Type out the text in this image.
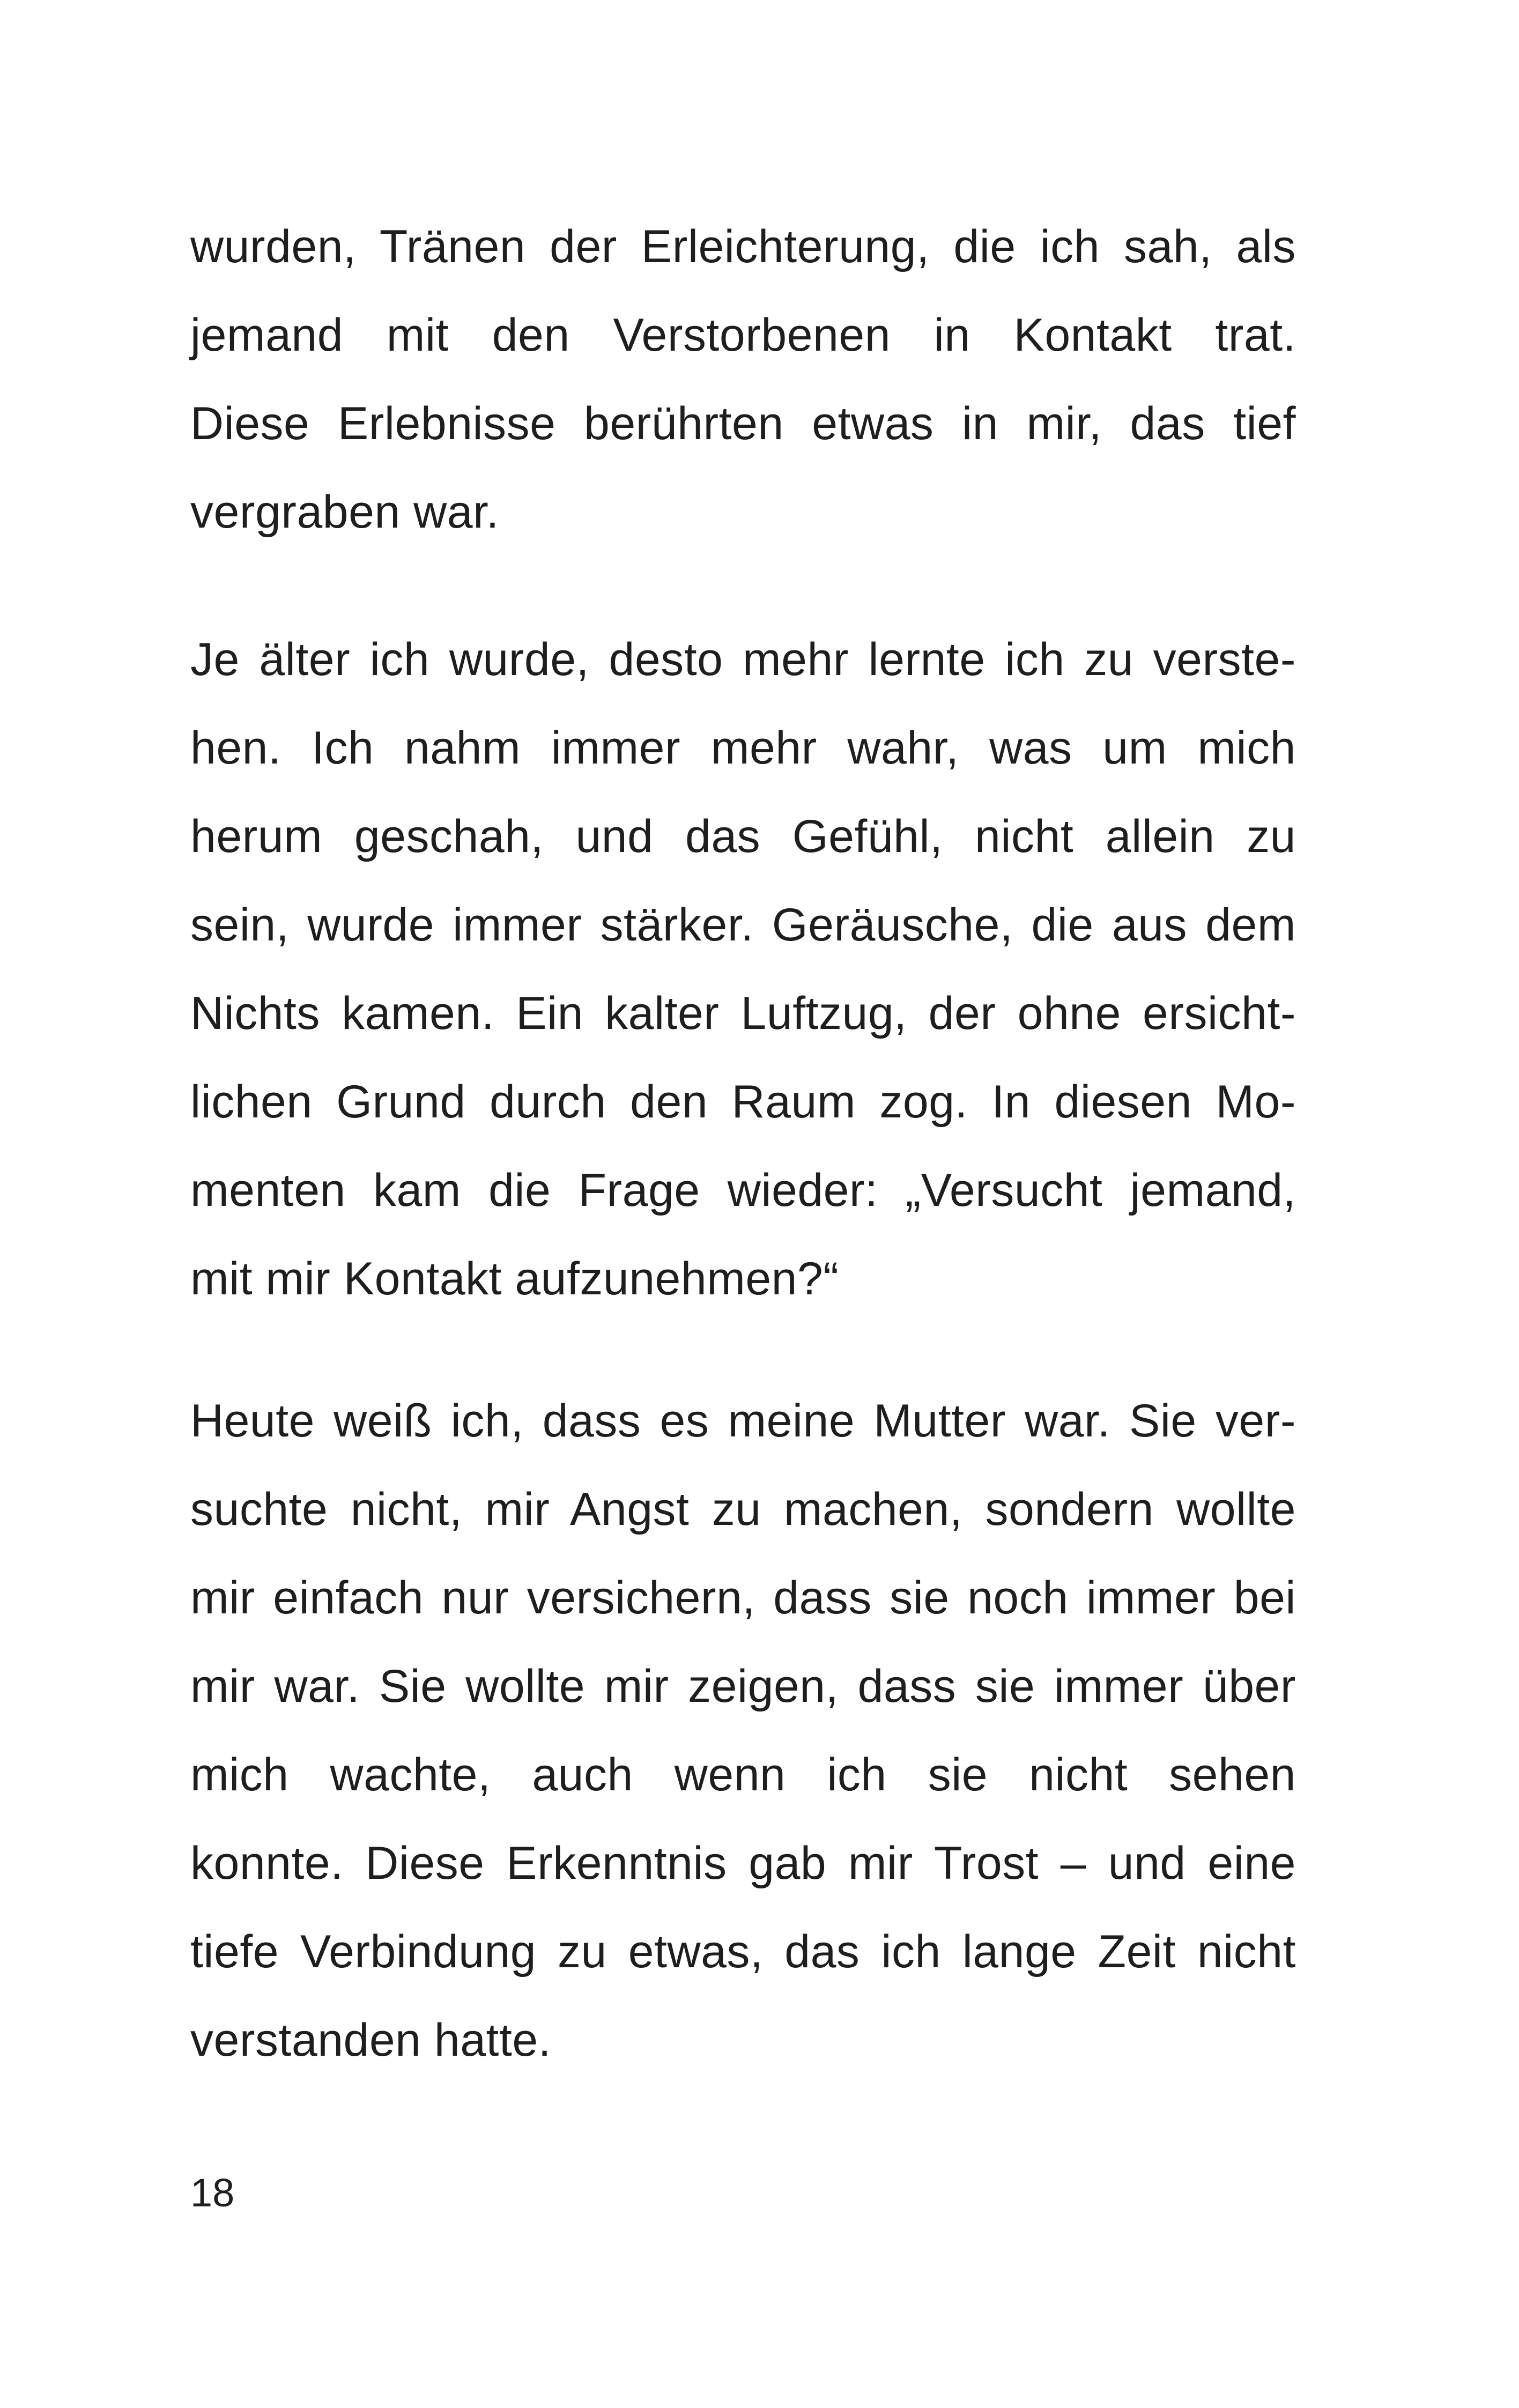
wurden, Tränen der Erleichterung, die ich sah, als
jemand mit den Verstorbenen in Kontakt trat.
Diese Erlebnisse berührten etwas in mir, das tief
vergraben war.
Je älter ich wurde, desto mehr lernte ich zu verste-
hen. Ich nahm immer mehr wahr, was um mich
herum geschah, und das Gefühl, nicht allein zu
sein, wurde immer stärker. Geräusche, die aus dem
Nichts kamen. Ein kalter Luftzug, der ohne ersicht-
lichen Grund durch den Raum zog. In diesen Mo-
menten kam die Frage wieder: „Versucht jemand,
mit mir Kontakt aufzunehmen?“
Heute weiß ich, dass es meine Mutter war. Sie ver-
suchte nicht, mir Angst zu machen, sondern wollte
mir einfach nur versichern, dass sie noch immer bei
mir war. Sie wollte mir zeigen, dass sie immer über
mich wachte, auch wenn ich sie nicht sehen
konnte. Diese Erkenntnis gab mir Trost – und eine
tiefe Verbindung zu etwas, das ich lange Zeit nicht
verstanden hatte.
18
